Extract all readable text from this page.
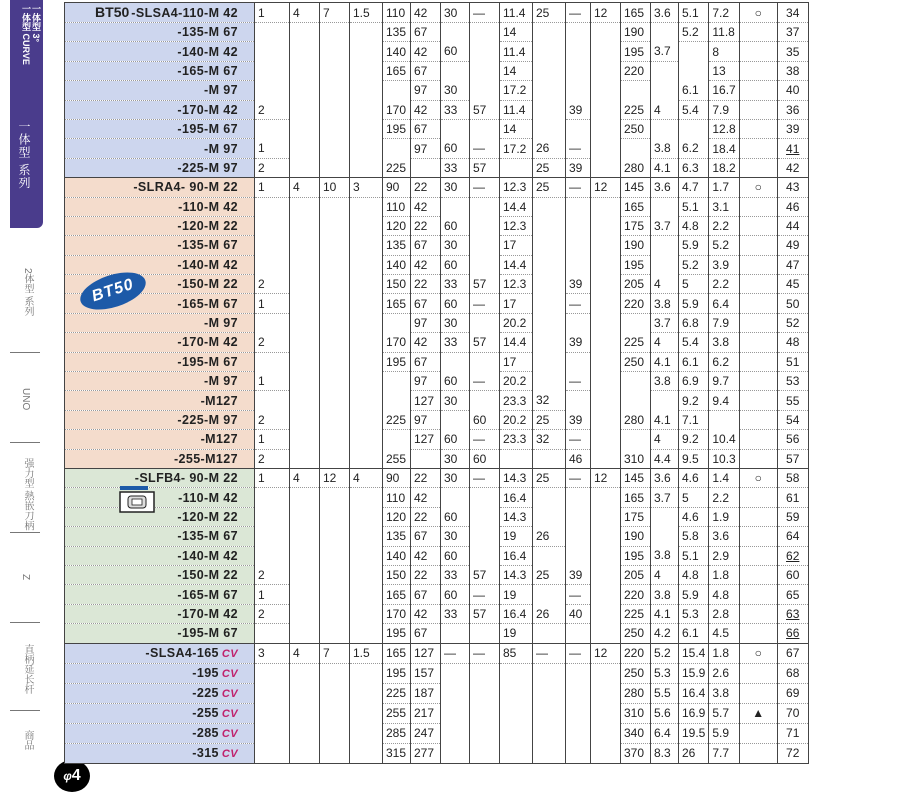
一体型 3°
一体型 CURVE
一体型 系列
2体型 系列
UNO
强力型 熱嵌刀柄
Z
直柄延长杆
商品
φ4
BT50 -SLSA4-110-M 42	1	4	7	1.5	110	42	30	—	11.4	25	—	12	165	3.6	5.1	7.2	○	34
-135-M 67					135	67			14				190		5.2	11.8		37
-140-M 42					140	42	60		11.4				195	3.7		8		35
-165-M 67					165	67			14				220			13		38
-M 97						97	30		17.2						6.1	16.7		40
-170-M 42	2				170	42	33	57	11.4		39		225	4	5.4	7.9		36
-195-M 67					195	67			14				250			12.8		39
-M 97	1					97	60	—	17.2	26	—			3.8	6.2	18.4		41
-225-M 97	2				225		33	57		25	39		280	4.1	6.3	18.2		42
-SLRA4- 90-M 22	1	4	10	3	90	22	30	—	12.3	25	—	12	145	3.6	4.7	1.7	○	43
-110-M 42					110	42			14.4				165		5.1	3.1		46
-120-M 22					120	22	60		12.3				175	3.7	4.8	2.2		44
-135-M 67					135	67	30		17				190		5.9	5.2		49
-140-M 42					140	42	60		14.4				195		5.2	3.9		47
-150-M 22	2				150	22	33	57	12.3		39		205	4	5	2.2		45
-165-M 67	1				165	67	60	—	17		—		220	3.8	5.9	6.4		50
-M 97						97	30		20.2					3.7	6.8	7.9		52
-170-M 42	2				170	42	33	57	14.4		39		225	4	5.4	3.8		48
-195-M 67					195	67			17				250	4.1	6.1	6.2		51
-M 97	1					97	60	—	20.2		—			3.8	6.9	9.7		53
-M127						127	30		23.3	32					9.2	9.4		55
-225-M 97	2				225	97		60	20.2	25	39		280	4.1	7.1			54
-M127	1					127	60	—	23.3	32	—			4	9.2	10.4		56
-255-M127	2				255		30	60			46		310	4.4	9.5	10.3		57
-SLFB4- 90-M 22	1	4	12	4	90	22	30	—	14.3	25	—	12	145	3.6	4.6	1.4	○	58
-110-M 42					110	42			16.4				165	3.7	5	2.2		61
-120-M 22					120	22	60		14.3				175		4.6	1.9		59
-135-M 67					135	67	30		19	26			190		5.8	3.6		64
-140-M 42					140	42	60		16.4				195	3.8	5.1	2.9		62
-150-M 22	2				150	22	33	57	14.3	25	39		205	4	4.8	1.8		60
-165-M 67	1				165	67	60	—	19		—		220	3.8	5.9	4.8		65
-170-M 42	2				170	42	33	57	16.4	26	40		225	4.1	5.3	2.8		63
-195-M 67					195	67			19				250	4.2	6.1	4.5		66
-SLSA4-165 CV	3	4	7	1.5	165	127	—	—	85	—	—	12	220	5.2	15.4	1.8	○	67
-195 CV					195	157							250	5.3	15.9	2.6		68
-225 CV					225	187							280	5.5	16.4	3.8		69
-255 CV					255	217							310	5.6	16.9	5.7	▲	70
-285 CV					285	247							340	6.4	19.5	5.9		71
-315 CV					315	277							370	8.3	26	7.7		72
BT50
